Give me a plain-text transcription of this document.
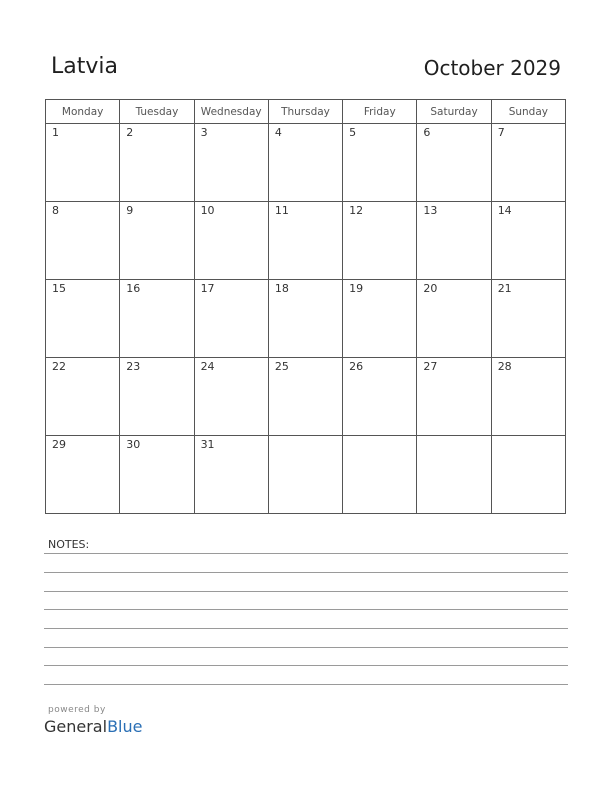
Latvia	October 2029
Monday	Tuesday	Wednesday	Thursday	Friday	Saturday	Sunday

1	2	3	4	5	6	7

8	9	10	11	12	13	14

15	16	17	18	19	20	21

22	23	24	25	26	27	28

29	30	31				

NOTES:
powered by
GeneralBlue
